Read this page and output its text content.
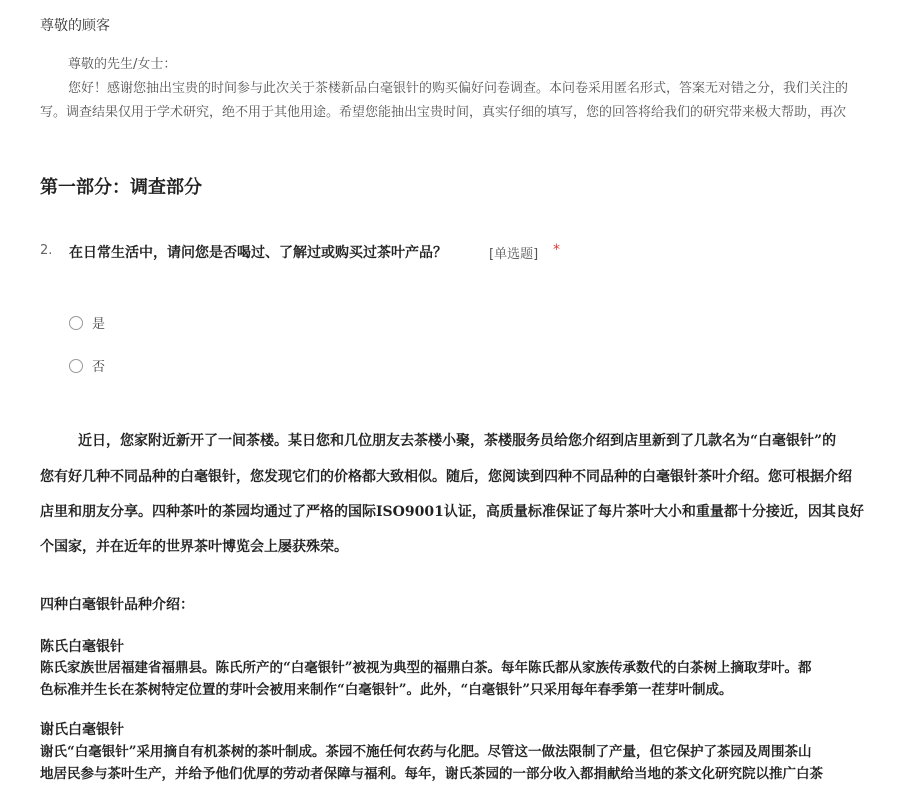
尊敬的顾客
尊敬的先生/女士：
您好！感谢您抽出宝贵的时间参与此次关于茶楼新品白毫银针的购买偏好问卷调查。本问卷采用匿名形式，答案无对错之分，我们关注的
写。调查结果仅用于学术研究，绝不用于其他用途。希望您能抽出宝贵时间，真实仔细的填写，您的回答将给我们的研究带来极大帮助，再次
第一部分：调查部分
2. 在日常生活中，请问您是否喝过、了解过或购买过茶叶产品？	[单选题] *
是
否
近日，您家附近新开了一间茶楼。某日您和几位朋友去茶楼小聚，茶楼服务员给您介绍到店里新到了几款名为“白毫银针”的
您有好几种不同品种的白毫银针，您发现它们的价格都大致相似。随后，您阅读到四种不同品种的白毫银针茶叶介绍。您可根据介绍
店里和朋友分享。四种茶叶的茶园均通过了严格的国际ISO9001认证，高质量标准保证了每片茶叶大小和重量都十分接近，因其良好
个国家，并在近年的世界茶叶博览会上屡获殊荣。
四种白毫银针品种介绍：
陈氏白毫银针
陈氏家族世居福建省福鼎县。陈氏所产的“白毫银针”被视为典型的福鼎白茶。每年陈氏都从家族传承数代的白茶树上摘取芽叶。都
色标准并生长在茶树特定位置的芽叶会被用来制作“白毫银针”。此外，“白毫银针”只采用每年春季第一茬芽叶制成。
谢氏白毫银针
谢氏“白毫银针”采用摘自有机茶树的茶叶制成。茶园不施任何农药与化肥。尽管这一做法限制了产量，但它保护了茶园及周围茶山
地居民参与茶叶生产，并给予他们优厚的劳动者保障与福利。每年，谢氏茶园的一部分收入都捐献给当地的茶文化研究院以推广白茶
